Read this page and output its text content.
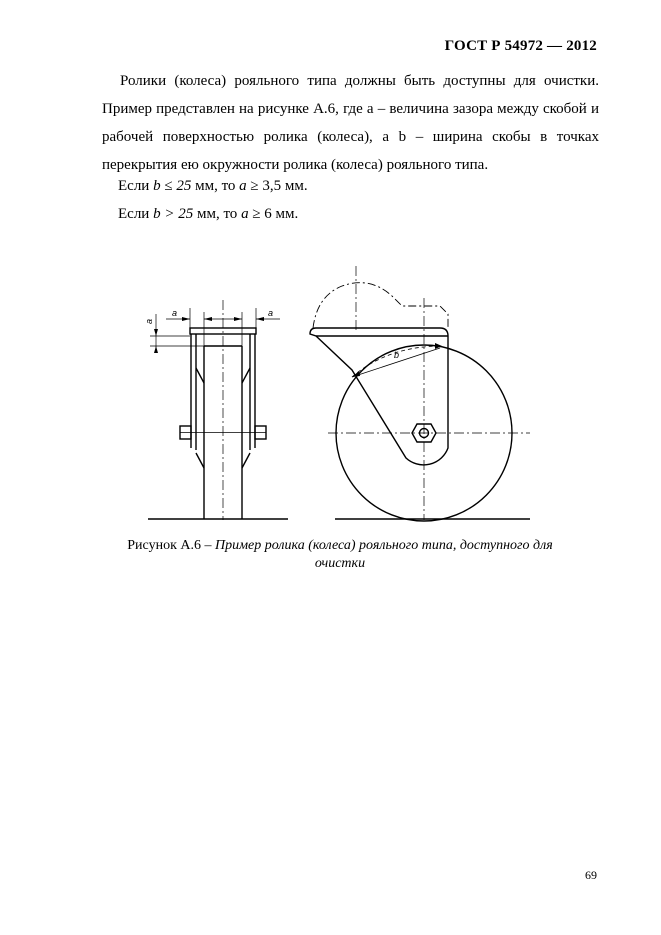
ГОСТ Р 54972 — 2012
Ролики (колеса) рояльного типа должны быть доступны для очистки.
Пример представлен на рисунке А.6, где a – величина зазора между скобой и
рабочей поверхностью ролика (колеса), а b – ширина скобы в точках
перекрытия ею окружности ролика (колеса) рояльного типа.
Если b ≤ 25 мм, то a ≥ 3,5 мм.
Если b > 25 мм, то a ≥ 6 мм.
a	a
a
b
Рисунок А.6 – Пример ролика (колеса) рояльного типа, доступного для
очистки
69
